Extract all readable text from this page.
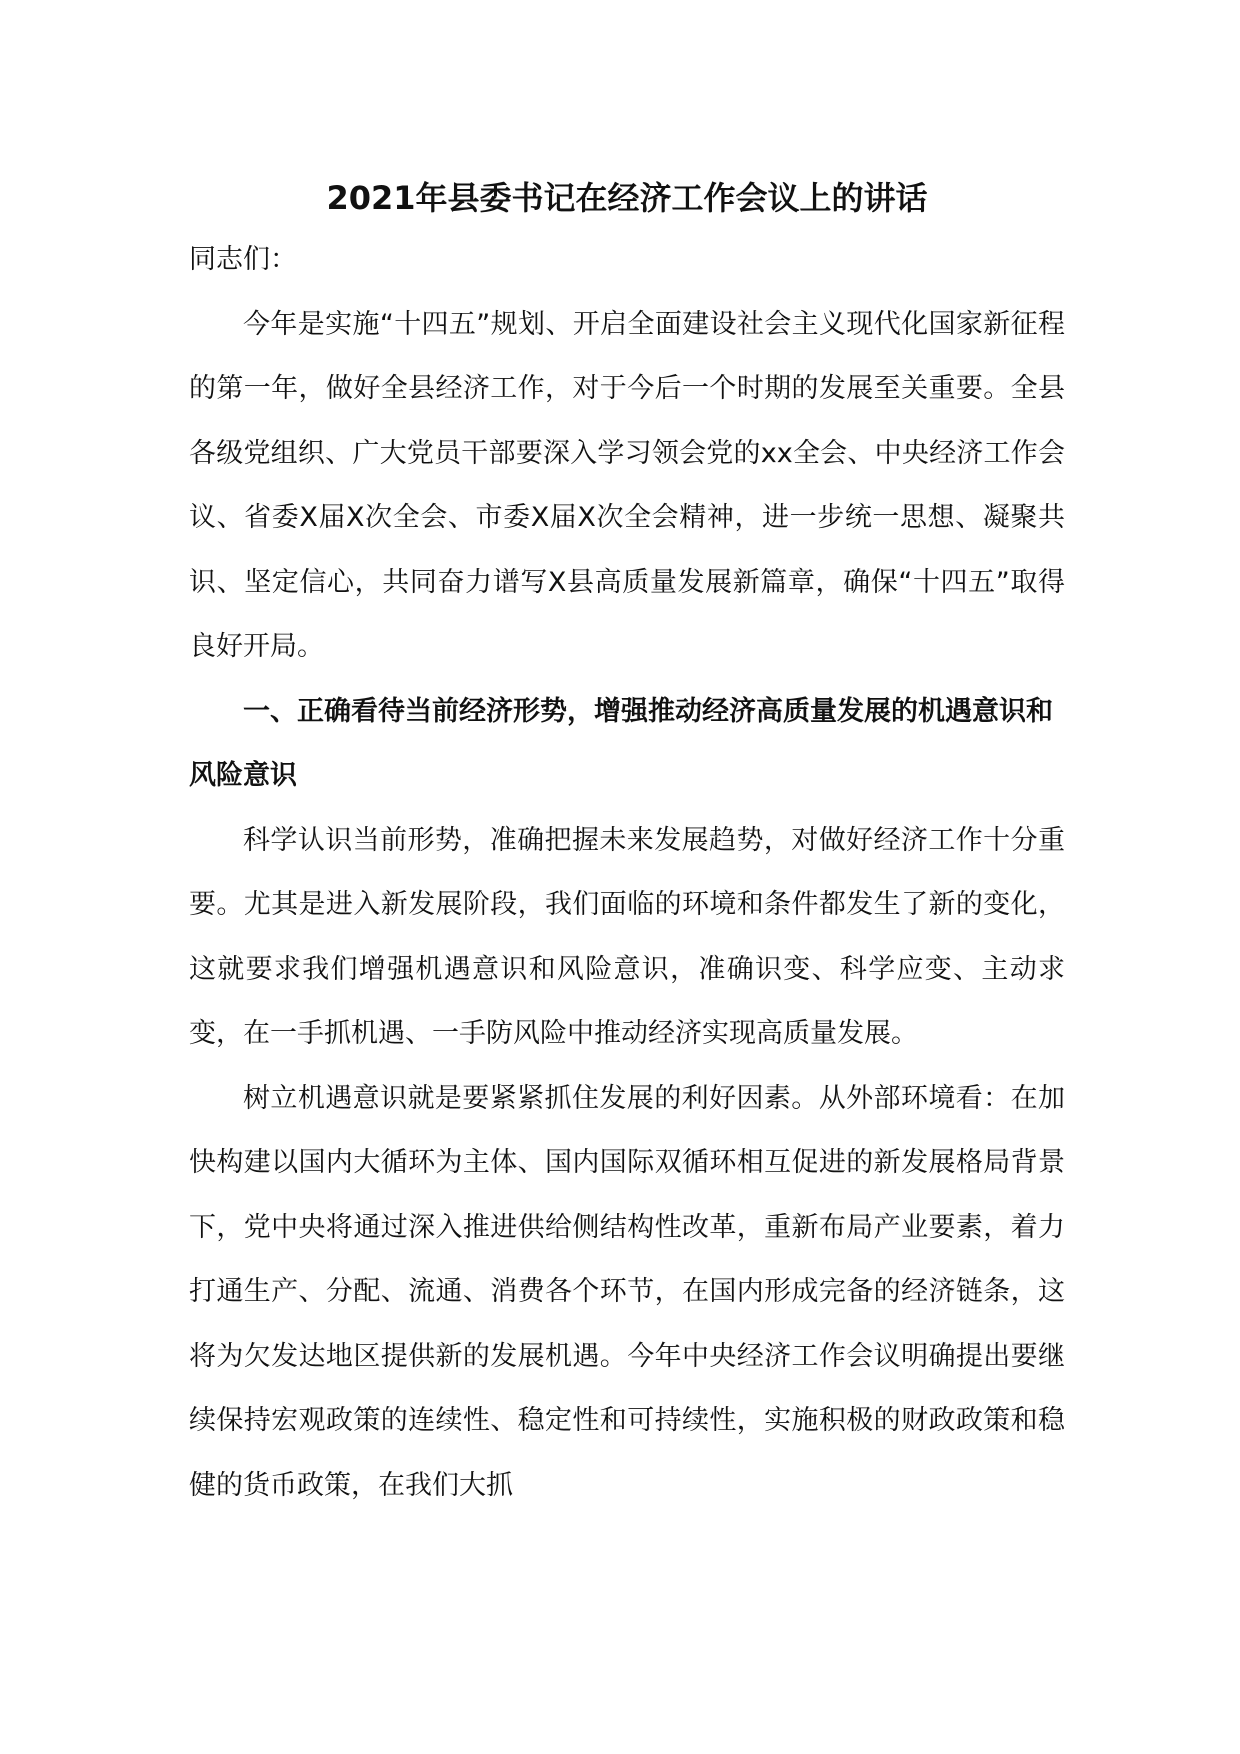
2021年县委书记在经济工作会议上的讲话

同志们：

今年是实施“十四五”规划、开启全面建设社会主义现代化国家新征程的第一年，做好全县经济工作，对于今后一个时期的发展至关重要。全县各级党组织、广大党员干部要深入学习领会党的xx全会、中央经济工作会议、省委X届X次全会、市委X届X次全会精神，进一步统一思想、凝聚共识、坚定信心，共同奋力谱写X县高质量发展新篇章，确保“十四五”取得良好开局。

一、正确看待当前经济形势，增强推动经济高质量发展的机遇意识和风险意识

科学认识当前形势，准确把握未来发展趋势，对做好经济工作十分重要。尤其是进入新发展阶段，我们面临的环境和条件都发生了新的变化，这就要求我们增强机遇意识和风险意识，准确识变、科学应变、主动求变，在一手抓机遇、一手防风险中推动经济实现高质量发展。

树立机遇意识就是要紧紧抓住发展的利好因素。从外部环境看：在加快构建以国内大循环为主体、国内国际双循环相互促进的新发展格局背景下，党中央将通过深入推进供给侧结构性改革，重新布局产业要素，着力打通生产、分配、流通、消费各个环节，在国内形成完备的经济链条，这将为欠发达地区提供新的发展机遇。今年中央经济工作会议明确提出要继续保持宏观政策的连续性、稳定性和可持续性，实施积极的财政政策和稳健的货币政策，在我们大抓
